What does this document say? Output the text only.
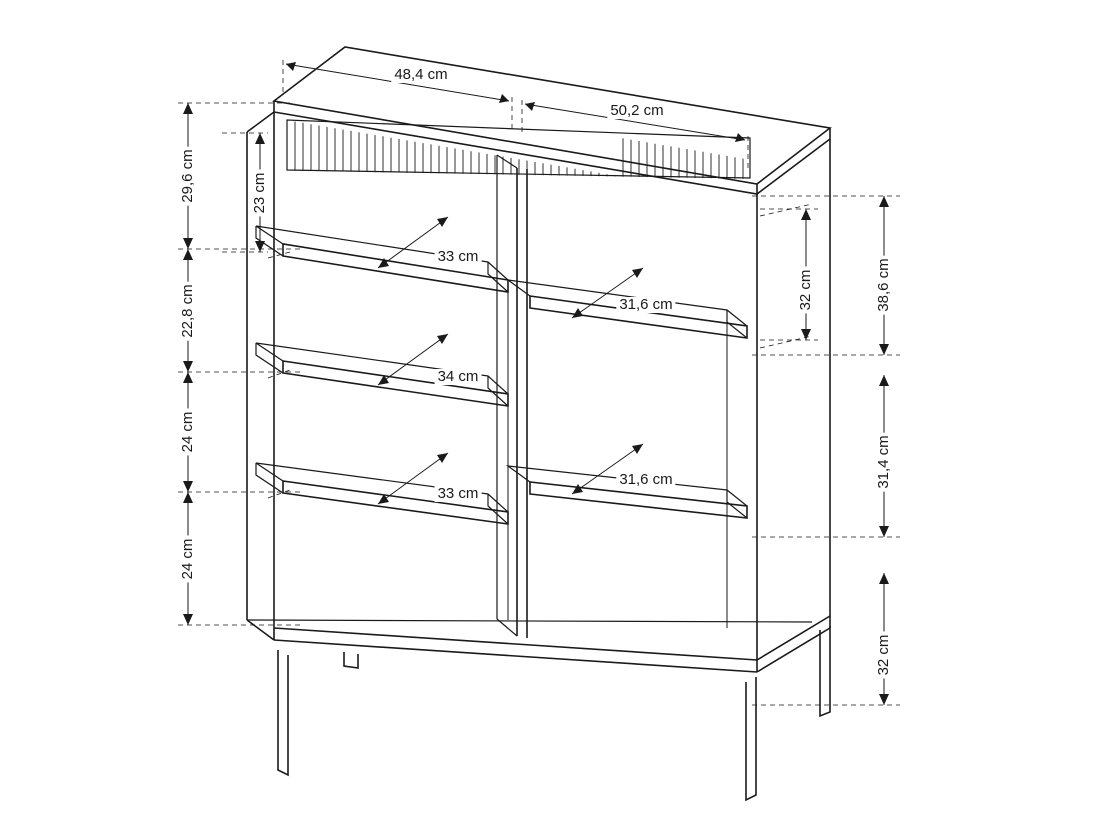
48,4 cm
50,2 cm
29,6 cm	23 cm
22,8 cm
24 cm
24 cm
33 cm
34 cm
33 cm
31,6 cm
31,6 cm
32 cm	38,6 cm
31,4 cm
32 cm
